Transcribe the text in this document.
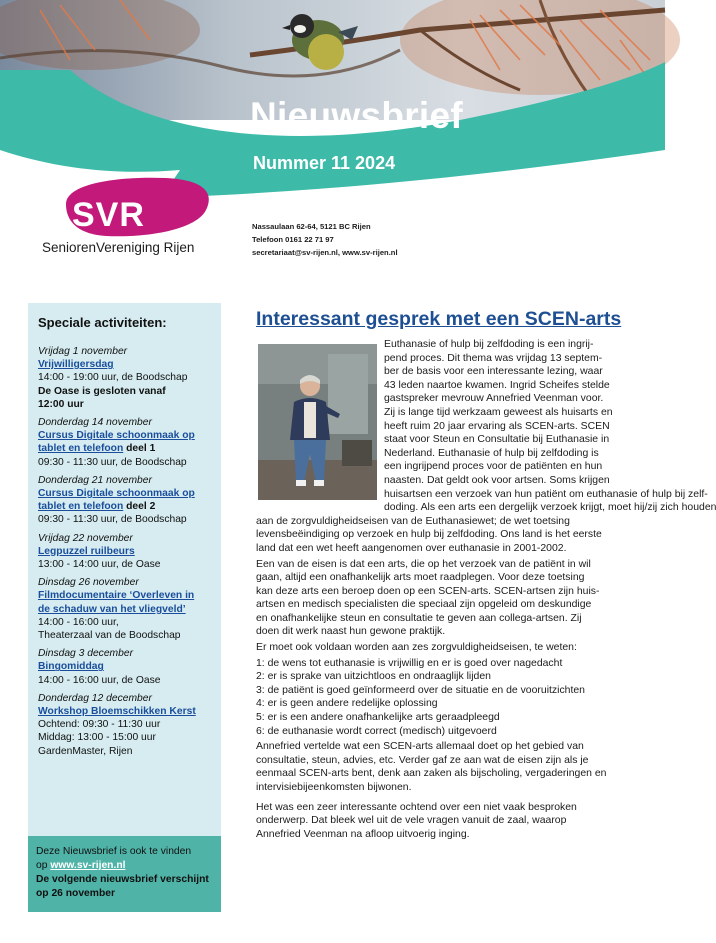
Nieuwsbrief
Nummer 11 2024
SVR
SeniorenVereniging Rijen
Nassaulaan 62-64, 5121 BC Rijen
Telefoon 0161 22 71 97
secretariaat@sv-rijen.nl, www.sv-rijen.nl
Speciale activiteiten:
Vrijdag 1 november
Vrijwilligersdag
14:00 - 19:00 uur, de Boodschap
De Oase is gesloten vanaf
12:00 uur
Donderdag 14 november
Cursus Digitale schoonmaak op
tablet en telefoon deel 1
09:30 - 11:30 uur, de Boodschap
Donderdag 21 november
Cursus Digitale schoonmaak op
tablet en telefoon deel 2
09:30 - 11:30 uur, de Boodschap
Vrijdag 22 november
Legpuzzel ruilbeurs
13:00 - 14:00 uur, de Oase
Dinsdag 26 november
Filmdocumentaire ‘Overleven in
de schaduw van het vliegveld’
14:00 - 16:00 uur,
Theaterzaal van de Boodschap
Dinsdag 3 december
Bingomiddag
14:00 - 16:00 uur, de Oase
Donderdag 12 december
Workshop Bloemschikken Kerst
Ochtend: 09:30 - 11:30 uur
Middag: 13:00 - 15:00 uur
GardenMaster, Rijen
Deze Nieuwsbrief is ook te vinden
op www.sv-rijen.nl
De volgende nieuwsbrief verschijnt
op 26 november
Interessant gesprek met een SCEN-arts

Euthanasie of hulp bij zelfdoding is een ingrij-
pend proces. Dit thema was vrijdag 13 septem-
ber de basis voor een interessante lezing, waar
43 leden naartoe kwamen. Ingrid Scheifes stelde
gastspreker mevrouw Annefried Veenman voor.
Zij is lange tijd werkzaam geweest als huisarts en
heeft ruim 20 jaar ervaring als SCEN-arts. SCEN
staat voor Steun en Consultatie bij Euthanasie in
Nederland. Euthanasie of hulp bij zelfdoding is
een ingrijpend proces voor de patiënten en hun
naasten. Dat geldt ook voor artsen. Soms krijgen
huisartsen een verzoek van hun patiënt om euthanasie of hulp bij zelf-
doding. Als een arts een dergelijk verzoek krijgt, moet hij/zij zich houden
aan de zorgvuldigheidseisen van de Euthanasiewet; de wet toetsing
levensbeëindiging op verzoek en hulp bij zelfdoding. Ons land is het eerste
land dat een wet heeft aangenomen over euthanasie in 2001-2002.

Een van de eisen is dat een arts, die op het verzoek van de patiënt in wil
gaan, altijd een onafhankelijk arts moet raadplegen. Voor deze toetsing
kan deze arts een beroep doen op een SCEN-arts. SCEN-artsen zijn huis-
artsen en medisch specialisten die speciaal zijn opgeleid om deskundige
en onafhankelijke steun en consultatie te geven aan collega-artsen. Zij
doen dit werk naast hun gewone praktijk.

Er moet ook voldaan worden aan zes zorgvuldigheidseisen, te weten:

1: de wens tot euthanasie is vrijwillig en er is goed over nagedacht
2: er is sprake van uitzichtloos en ondraaglijk lijden
3: de patiënt is goed geïnformeerd over de situatie en de vooruitzichten
4: er is geen andere redelijke oplossing
5: er is een andere onafhankelijke arts geraadpleegd
6: de euthanasie wordt correct (medisch) uitgevoerd

Annefried vertelde wat een SCEN-arts allemaal doet op het gebied van
consultatie, steun, advies, etc. Verder gaf ze aan wat de eisen zijn als je
eenmaal SCEN-arts bent, denk aan zaken als bijscholing, vergaderingen en
intervisiebijeenkomsten bijwonen.

Het was een zeer interessante ochtend over een niet vaak besproken
onderwerp. Dat bleek wel uit de vele vragen vanuit de zaal, waarop
Annefried Veenman na afloop uitvoerig inging.
